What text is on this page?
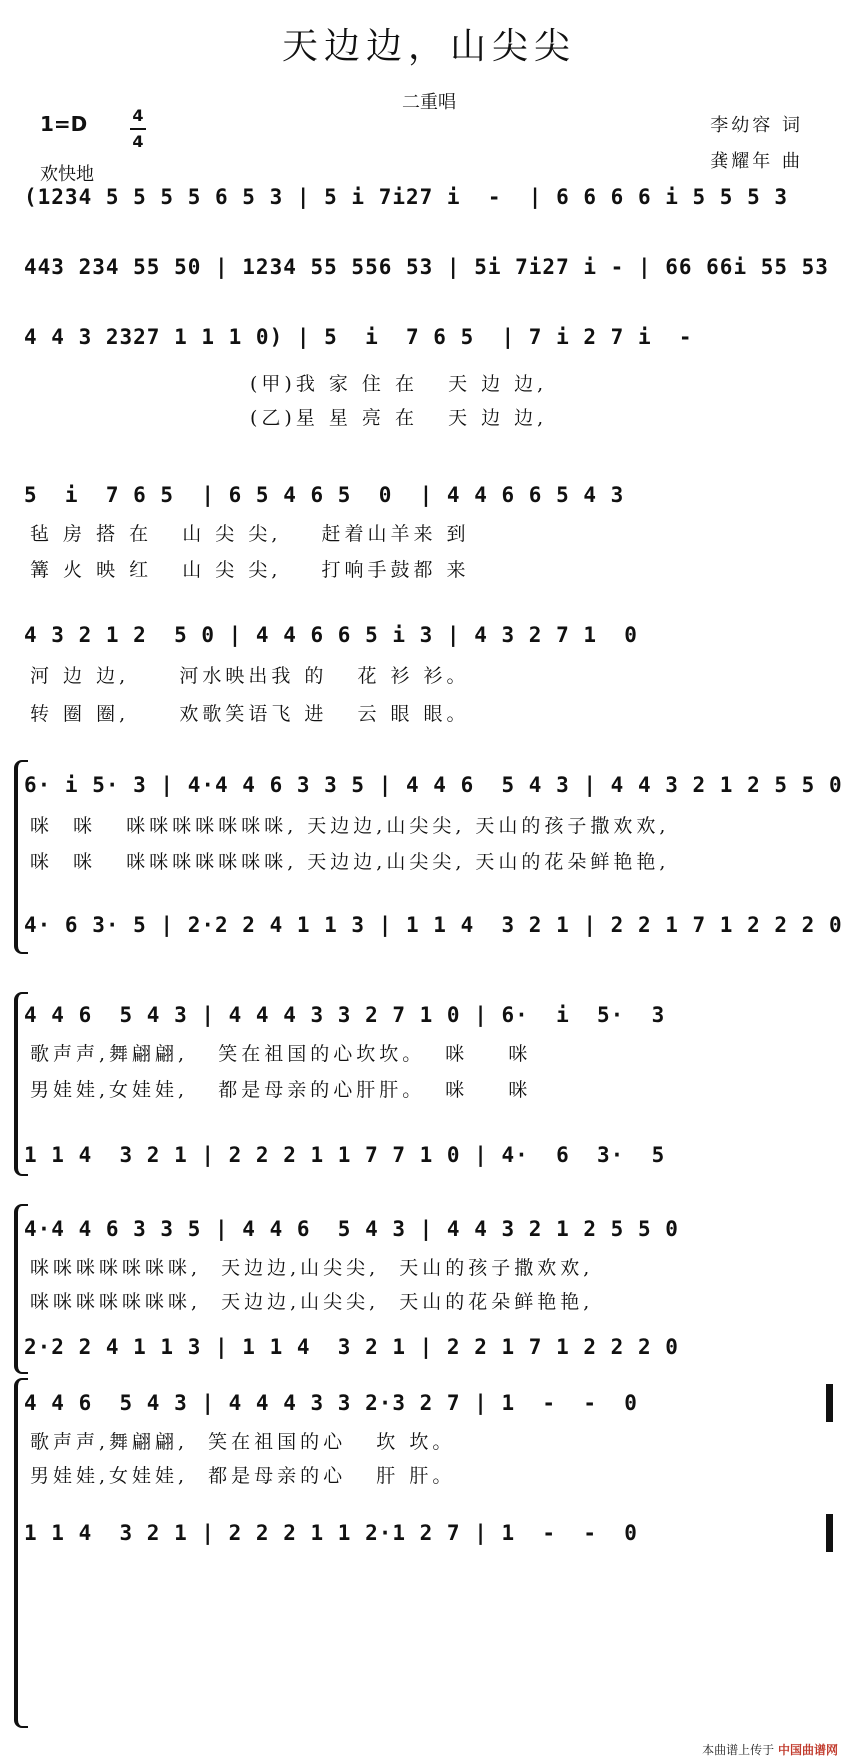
天边边，山尖尖
二重唱
1=D	4
4
欢快地
李幼容 词
龚耀年 曲
(1234 5 5 5 5 6 5 3 | 5 i 7i27 i  -  | 6 6 6 6 i 5 5 5 3
443 234 55 50 | 1234 55 556 53 | 5i 7i27 i - | 66 66i 55 53
4 4 3 2327 1 1 1 0) | 5  i  7 6 5  | 7 i 2 7 i  -
(甲)我 家 住 在   天 边 边,
(乙)星 星 亮 在   天 边 边,
5  i  7 6 5  | 6 5 4 6 5  0  | 4 4 6 6 5 4 3
毡 房 搭 在   山 尖 尖,    赶着山羊来 到
篝 火 映 红   山 尖 尖,    打响手鼓都 来
4 3 2 1 2  5 0 | 4 4 6 6 5 i 3 | 4 3 2 7 1  0
河 边 边,     河水映出我 的   花 衫 衫。
转 圈 圈,     欢歌笑语飞 进   云 眼 眼。
6· i 5· 3 | 4·4 4 6 3 3 5 | 4 4 6  5 4 3 | 4 4 3 2 1 2 5 5 0
咪  咪   咪咪咪咪咪咪咪, 天边边,山尖尖, 天山的孩子撒欢欢,
咪  咪   咪咪咪咪咪咪咪, 天边边,山尖尖, 天山的花朵鲜艳艳,
4· 6 3· 5 | 2·2 2 4 1 1 3 | 1 1 4  3 2 1 | 2 2 1 7 1 2 2 2 0
4 4 6  5 4 3 | 4 4 4 3 3 2 7 1 0 | 6·  i  5·  3
歌声声,舞翩翩,   笑在祖国的心坎坎。  咪    咪
男娃娃,女娃娃,   都是母亲的心肝肝。  咪    咪
1 1 4  3 2 1 | 2 2 2 1 1 7 7 1 0 | 4·  6  3·  5
4·4 4 6 3 3 5 | 4 4 6  5 4 3 | 4 4 3 2 1 2 5 5 0
咪咪咪咪咪咪咪,  天边边,山尖尖,  天山的孩子撒欢欢,
咪咪咪咪咪咪咪,  天边边,山尖尖,  天山的花朵鲜艳艳,
2·2 2 4 1 1 3 | 1 1 4  3 2 1 | 2 2 1 7 1 2 2 2 0
4 4 6  5 4 3 | 4 4 4 3 3 2·3 2 7 | 1  -  -  0
歌声声,舞翩翩,  笑在祖国的心   坎 坎。
男娃娃,女娃娃,  都是母亲的心   肝 肝。
1 1 4  3 2 1 | 2 2 2 1 1 2·1 2 7 | 1  -  -  0
本曲谱上传于 中国曲谱网
